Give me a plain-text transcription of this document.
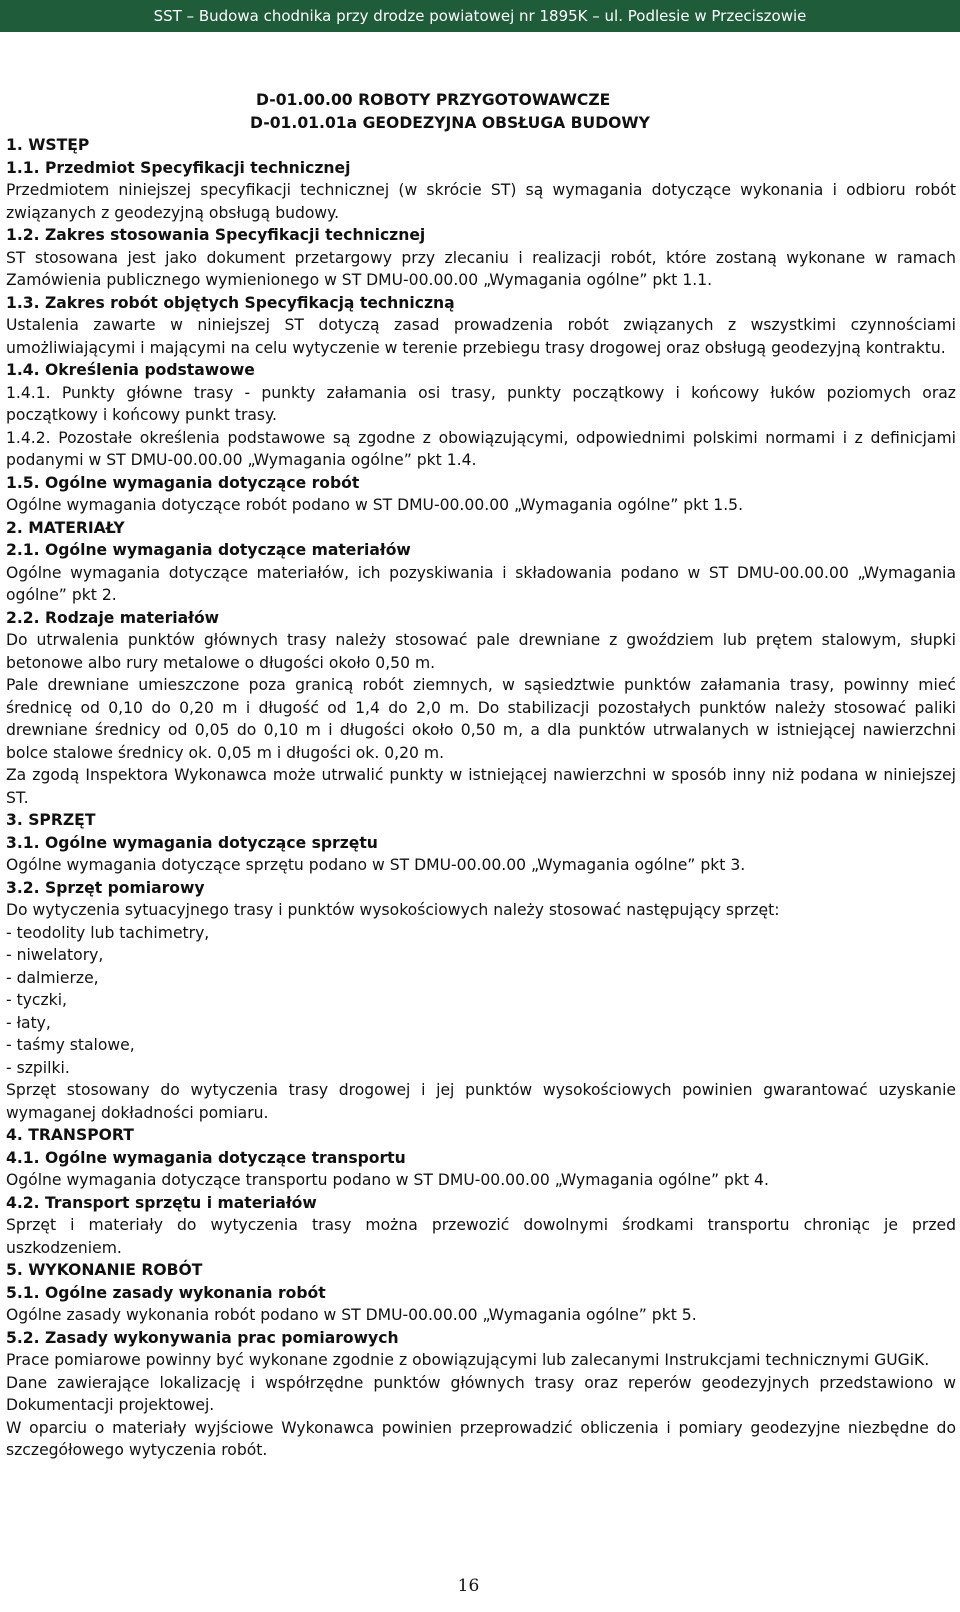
SST – Budowa chodnika przy drodze powiatowej nr 1895K – ul. Podlesie w Przeciszowie

D-01.00.00 ROBOTY PRZYGOTOWAWCZE

D-01.01.01a GEODEZYJNA OBSŁUGA BUDOWY

1. WSTĘP

1.1. Przedmiot Specyfikacji technicznej

Przedmiotem niniejszej specyfikacji technicznej (w skrócie ST) są wymagania dotyczące wykonania i odbioru robót związanych z geodezyjną obsługą budowy.

1.2. Zakres stosowania Specyfikacji technicznej

ST stosowana jest jako dokument przetargowy przy zlecaniu i realizacji robót, które zostaną wykonane w ramach Zamówienia publicznego wymienionego w ST DMU-00.00.00 „Wymagania ogólne” pkt 1.1.

1.3. Zakres robót objętych Specyfikacją techniczną

Ustalenia zawarte w niniejszej ST dotyczą zasad prowadzenia robót związanych z wszystkimi czynnościami umożliwiającymi i mającymi na celu wytyczenie w terenie przebiegu trasy drogowej oraz obsługą geodezyjną kontraktu.

1.4. Określenia podstawowe

1.4.1. Punkty główne trasy - punkty załamania osi trasy, punkty początkowy i końcowy łuków poziomych oraz początkowy i końcowy punkt trasy.

1.4.2. Pozostałe określenia podstawowe są zgodne z obowiązującymi, odpowiednimi polskimi normami i z definicjami podanymi w ST DMU-00.00.00 „Wymagania ogólne” pkt 1.4.

1.5. Ogólne wymagania dotyczące robót

Ogólne wymagania dotyczące robót podano w ST DMU-00.00.00 „Wymagania ogólne” pkt 1.5.

2. MATERIAŁY

2.1. Ogólne wymagania dotyczące materiałów

Ogólne wymagania dotyczące materiałów, ich pozyskiwania i składowania podano w ST DMU-00.00.00 „Wymagania ogólne” pkt 2.

2.2. Rodzaje materiałów

Do utrwalenia punktów głównych trasy należy stosować pale drewniane z gwoździem lub prętem stalowym, słupki betonowe albo rury metalowe o długości około 0,50 m.

Pale drewniane umieszczone poza granicą robót ziemnych, w sąsiedztwie punktów załamania trasy, powinny mieć średnicę od 0,10 do 0,20 m i długość od 1,4 do 2,0 m. Do stabilizacji pozostałych punktów należy stosować paliki drewniane średnicy od 0,05 do 0,10 m i długości około 0,50 m, a dla punktów utrwalanych w istniejącej nawierzchni bolce stalowe średnicy ok. 0,05 m i długości ok. 0,20 m.

Za zgodą Inspektora Wykonawca może utrwalić punkty w istniejącej nawierzchni w sposób inny niż podana w niniejszej ST.

3. SPRZĘT

3.1. Ogólne wymagania dotyczące sprzętu

Ogólne wymagania dotyczące sprzętu podano w ST DMU-00.00.00 „Wymagania ogólne” pkt 3.

3.2. Sprzęt pomiarowy

Do wytyczenia sytuacyjnego trasy i punktów wysokościowych należy stosować następujący sprzęt:

- teodolity lub tachimetry,

- niwelatory,

- dalmierze,

- tyczki,

- łaty,

- taśmy stalowe,

- szpilki.

Sprzęt stosowany do wytyczenia trasy drogowej i jej punktów wysokościowych powinien gwarantować uzyskanie wymaganej dokładności pomiaru.

4. TRANSPORT

4.1. Ogólne wymagania dotyczące transportu

Ogólne wymagania dotyczące transportu podano w ST DMU-00.00.00 „Wymagania ogólne” pkt 4.

4.2. Transport sprzętu i materiałów

Sprzęt i materiały do wytyczenia trasy można przewozić dowolnymi środkami transportu chroniąc je przed uszkodzeniem.

5. WYKONANIE ROBÓT

5.1. Ogólne zasady wykonania robót

Ogólne zasady wykonania robót podano w ST DMU-00.00.00 „Wymagania ogólne” pkt 5.

5.2. Zasady wykonywania prac pomiarowych

Prace pomiarowe powinny być wykonane zgodnie z obowiązującymi lub zalecanymi Instrukcjami technicznymi GUGiK.

Dane zawierające lokalizację i współrzędne punktów głównych trasy oraz reperów geodezyjnych przedstawiono w Dokumentacji projektowej.

W oparciu o materiały wyjściowe Wykonawca powinien przeprowadzić obliczenia i pomiary geodezyjne niezbędne do szczegółowego wytyczenia robót.

16
